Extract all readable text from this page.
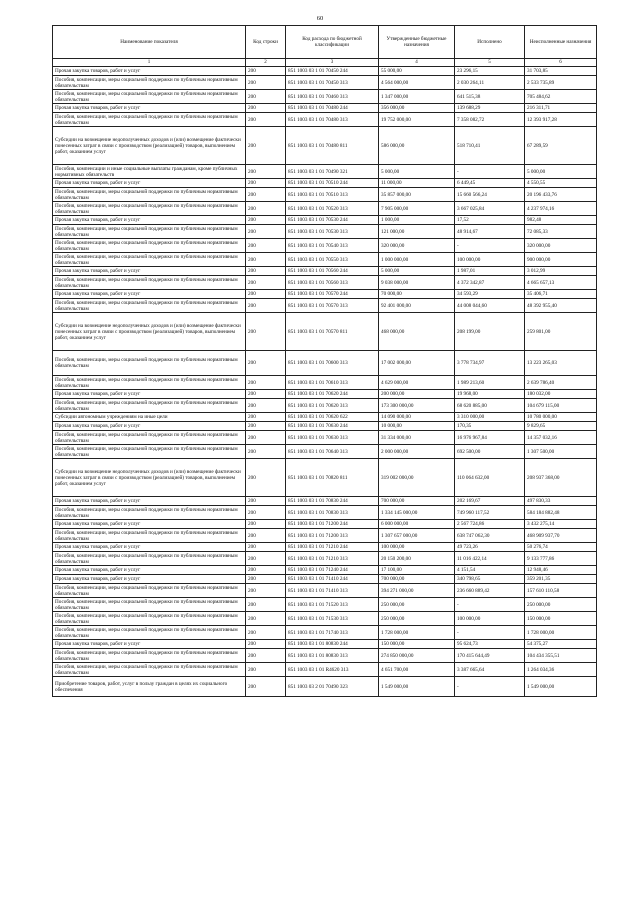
60
Наименование показателя	Код строки	Код расхода по бюджетной классификации	Утвержденные бюджетные назначения	Исполнено	Неисполненные назначения
1	2	3	4	5	6
Прочая закупка товаров, работ и услуг	200	851 1003 03 1 01 70450 244	55 000,00	23 296,15	31 703,85
Пособия, компенсации, меры социальной поддержки по публичным нормативным обязательствам	200	851 1003 03 1 01 70450 313	4 564 000,00	2 030 264,11	2 533 735,89
Пособия, компенсации, меры социальной поддержки по публичным нормативным обязательствам	200	851 1003 03 1 01 70460 313	1 347 000,00	641 515,38	705 484,62
Прочая закупка товаров, работ и услуг	200	851 1003 03 1 01 70480 244	356 000,00	139 688,29	216 311,71
Пособия, компенсации, меры социальной поддержки по публичным нормативным обязательствам	200	851 1003 03 1 01 70480 313	19 752 000,00	7 358 082,72	12 393 917,28
Субсидии на возмещение недополученных доходов и (или) возмещение фактически понесенных затрат в связи с производством (реализацией) товаров, выполнением работ, оказанием услуг	200	851 1003 03 1 01 70480 811	586 000,00	518 710,41	67 289,59
Пособия, компенсации и иные социальные выплаты гражданам, кроме публичных нормативных обязательств	200	851 1003 03 1 01 70490 321	5 000,00	-	5 000,00
Прочая закупка товаров, работ и услуг	200	851 1003 03 1 01 70510 244	11 000,00	6 449,45	4 550,55
Пособия, компенсации, меры социальной поддержки по публичным нормативным обязательствам	200	851 1003 03 1 01 70510 313	35 857 000,00	15 660 566,24	20 196 433,76
Пособия, компенсации, меры социальной поддержки по публичным нормативным обязательствам	200	851 1003 03 1 01 70520 313	7 905 000,00	3 667 025,84	4 237 974,16
Прочая закупка товаров, работ и услуг	200	851 1003 03 1 01 70530 244	1 000,00	17,52	982,48
Пособия, компенсации, меры социальной поддержки по публичным нормативным обязательствам	200	851 1003 03 1 01 70530 313	121 000,00	48 914,67	72 085,33
Пособия, компенсации, меры социальной поддержки по публичным нормативным обязательствам	200	851 1003 03 1 01 70540 313	320 000,00	-	320 000,00
Пособия, компенсации, меры социальной поддержки по публичным нормативным обязательствам	200	851 1003 03 1 01 70550 313	1 000 000,00	100 000,00	900 000,00
Прочая закупка товаров, работ и услуг	200	851 1003 03 1 01 70560 244	5 000,00	1 987,01	3 012,99
Пособия, компенсации, меры социальной поддержки по публичным нормативным обязательствам	200	851 1003 03 1 01 70560 313	9 038 000,00	4 372 342,87	4 665 657,13
Прочая закупка товаров, работ и услуг	200	851 1003 03 1 01 70570 244	70 000,00	34 593,29	35 406,71
Пособия, компенсации, меры социальной поддержки по публичным нормативным обязательствам	200	851 1003 03 1 01 70570 313	92 401 000,00	44 008 044,60	48 392 955,40
Субсидии на возмещение недополученных доходов и (или) возмещение фактически понесенных затрат в связи с производством (реализацией) товаров, выполнением работ, оказанием услуг	200	851 1003 03 1 01 70570 811	468 000,00	208 199,00	259 801,00
Пособия, компенсации, меры социальной поддержки по публичным нормативным обязательствам	200	851 1003 03 1 01 70600 313	17 002 000,00	3 778 734,97	13 223 265,03
Пособия, компенсации, меры социальной поддержки по публичным нормативным обязательствам	200	851 1003 03 1 01 70610 313	4 629 000,00	1 989 213,60	2 639 786,40
Прочая закупка товаров, работ и услуг	200	851 1003 03 1 01 70620 244	200 000,00	19 968,00	180 032,00
Пособия, компенсации, меры социальной поддержки по публичным нормативным обязательствам	200	851 1003 03 1 01 70620 313	173 300 000,00	68 620 885,00	104 679 115,00
Субсидии автономным учреждениям на иные цели	200	851 1003 03 1 01 70620 622	14 090 000,00	3 310 000,00	10 780 000,00
Прочая закупка товаров, работ и услуг	200	851 1003 03 1 01 70630 244	10 000,00	170,35	9 829,65
Пособия, компенсации, меры социальной поддержки по публичным нормативным обязательствам	200	851 1003 03 1 01 70630 313	31 334 000,00	16 976 967,84	14 357 032,16
Пособия, компенсации, меры социальной поддержки по публичным нормативным обязательствам	200	851 1003 03 1 01 70640 313	2 000 000,00	692 500,00	1 307 500,00
Субсидии на возмещение недополученных доходов и (или) возмещение фактически понесенных затрат в связи с производством (реализацией) товаров, выполнением работ, оказанием услуг	200	851 1003 03 1 01 70820 811	319 002 000,00	110 064 632,00	208 937 368,00
Прочая закупка товаров, работ и услуг	200	851 1003 03 1 01 70830 244	700 000,00	202 169,67	497 830,33
Пособия, компенсации, меры социальной поддержки по публичным нормативным обязательствам	200	851 1003 03 1 01 70830 313	1 334 145 000,00	749 960 117,52	584 184 882,48
Прочая закупка товаров, работ и услуг	200	851 1003 03 1 01 71200 244	6 000 000,00	2 567 724,86	3 432 275,14
Пособия, компенсации, меры социальной поддержки по публичным нормативным обязательствам	200	851 1003 03 1 01 71200 313	1 307 657 000,00	638 747 062,30	468 909 937,70
Прочая закупка товаров, работ и услуг	200	851 1003 03 1 01 71210 244	100 000,00	49 723,26	50 276,74
Пособия, компенсации, меры социальной поддержки по публичным нормативным обязательствам	200	851 1003 03 1 01 71210 313	20 150 200,00	11 016 422,14	9 133 777,86
Прочая закупка товаров, работ и услуг	200	851 1003 03 1 01 71240 244	17 100,00	4 151,54	12 948,46
Прочая закупка товаров, работ и услуг	200	851 1003 03 1 01 71410 244	700 000,00	340 798,65	359 201,35
Пособия, компенсации, меры социальной поддержки по публичным нормативным обязательствам	200	851 1003 03 1 01 71410 313	394 271 000,00	236 660 889,42	157 610 110,58
Пособия, компенсации, меры социальной поддержки по публичным нормативным обязательствам	200	851 1003 03 1 01 71520 313	250 000,00	-	250 000,00
Пособия, компенсации, меры социальной поддержки по публичным нормативным обязательствам	200	851 1003 03 1 01 71530 313	250 000,00	100 000,00	150 000,00
Пособия, компенсации, меры социальной поддержки по публичным нормативным обязательствам	200	851 1003 03 1 01 71740 313	1 728 000,00	-	1 728 000,00
Прочая закупка товаров, работ и услуг	200	851 1003 03 1 01 80830 244	150 000,00	95 624,73	54 375,27
Пособия, компенсации, меры социальной поддержки по публичным нормативным обязательствам	200	851 1003 03 1 01 80830 313	274 850 000,00	170 415 644,49	104 434 355,51
Пособия, компенсации, меры социальной поддержки по публичным нормативным обязательствам	200	851 1003 03 1 01 R4620 313	4 651 700,00	3 387 665,64	1 264 034,36
Приобретение товаров, работ, услуг в пользу граждан в целях их социального обеспечения	200	851 1003 03 2 01 70490 323	1 549 000,00	-	1 549 000,00
